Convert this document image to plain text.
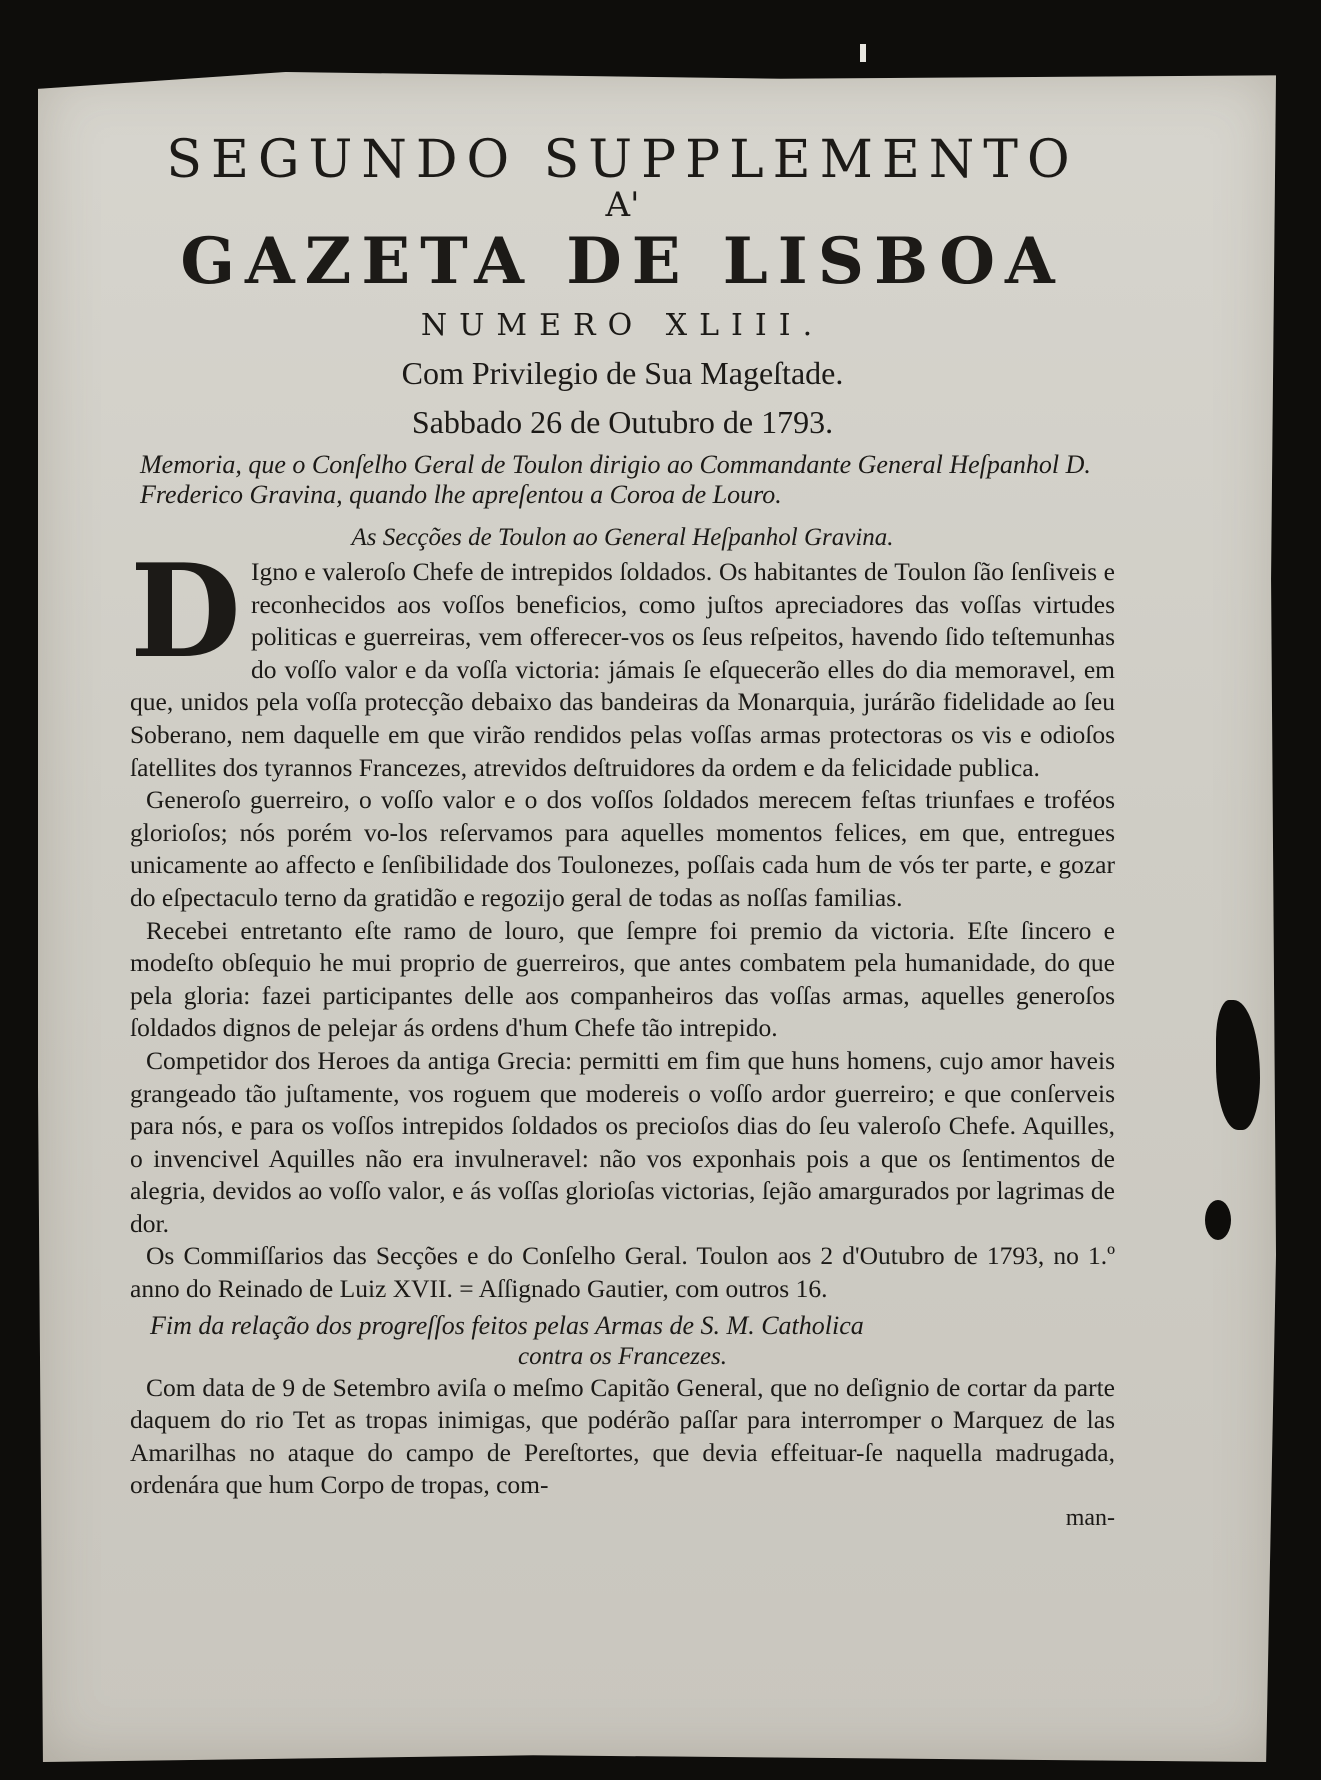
SEGUNDO SUPPLEMENTO
A'
GAZETA DE LISBOA
NUMERO XLIII.
Com Privilegio de Sua Mageſtade.
Sabbado 26 de Outubro de 1793.
Memoria, que o Conſelho Geral de Toulon dirigio ao Commandante General Heſpanhol D. Frederico Gravina, quando lhe apreſentou a Coroa de Louro.
As Secções de Toulon ao General Heſpanhol Gravina.

D Igno e valeroſo Chefe de intrepidos ſoldados. Os habitantes de Toulon ſão ſenſiveis e reconhecidos aos voſſos beneficios, como juſtos apreciadores das voſſas virtudes politicas e guerreiras, vem offerecer-vos os ſeus reſpeitos, havendo ſido teſtemunhas do voſſo valor e da voſſa victoria: jámais ſe eſquecerão elles do dia memoravel, em que, unidos pela voſſa protecção debaixo das bandeiras da Monarquia, jurárão fidelidade ao ſeu Soberano, nem daquelle em que virão rendidos pelas voſſas armas protectoras os vis e odioſos ſatellites dos tyrannos Francezes, atrevidos deſtruidores da ordem e da felicidade publica.

Generoſo guerreiro, o voſſo valor e o dos voſſos ſoldados merecem feſtas triunfaes e troféos glorioſos; nós porém vo-los reſervamos para aquelles momentos felices, em que, entregues unicamente ao affecto e ſenſibilidade dos Toulonezes, poſſais cada hum de vós ter parte, e gozar do eſpectaculo terno da gratidão e regozijo geral de todas as noſſas familias.

Recebei entretanto eſte ramo de louro, que ſempre foi premio da victoria. Eſte ſincero e modeſto obſequio he mui proprio de guerreiros, que antes combatem pela humanidade, do que pela gloria: fazei participantes delle aos companheiros das voſſas armas, aquelles generoſos ſoldados dignos de pelejar ás ordens d'hum Chefe tão intrepido.

Competidor dos Heroes da antiga Grecia: permitti em fim que huns homens, cujo amor haveis grangeado tão juſtamente, vos roguem que modereis o voſſo ardor guerreiro; e que conſerveis para nós, e para os voſſos intrepidos ſoldados os precioſos dias do ſeu valeroſo Chefe. Aquilles, o invencivel Aquilles não era invulneravel: não vos exponhais pois a que os ſentimentos de alegria, devidos ao voſſo valor, e ás voſſas glorioſas victorias, ſejão amargurados por lagrimas de dor.

Os Commiſſarios das Secções e do Conſelho Geral. Toulon aos 2 d'Outubro de 1793, no 1.º anno do Reinado de Luiz XVII. = Aſſignado Gautier, com outros 16.

Fim da relação dos progreſſos feitos pelas Armas de S. M. Catholica
contra os Francezes.

Com data de 9 de Setembro aviſa o meſmo Capitão General, que no deſignio de cortar da parte daquem do rio Tet as tropas inimigas, que podérão paſſar para interromper o Marquez de las Amarilhas no ataque do campo de Pereſtortes, que devia effeituar-ſe naquella madrugada, ordenára que hum Corpo de tropas, com-

man-
